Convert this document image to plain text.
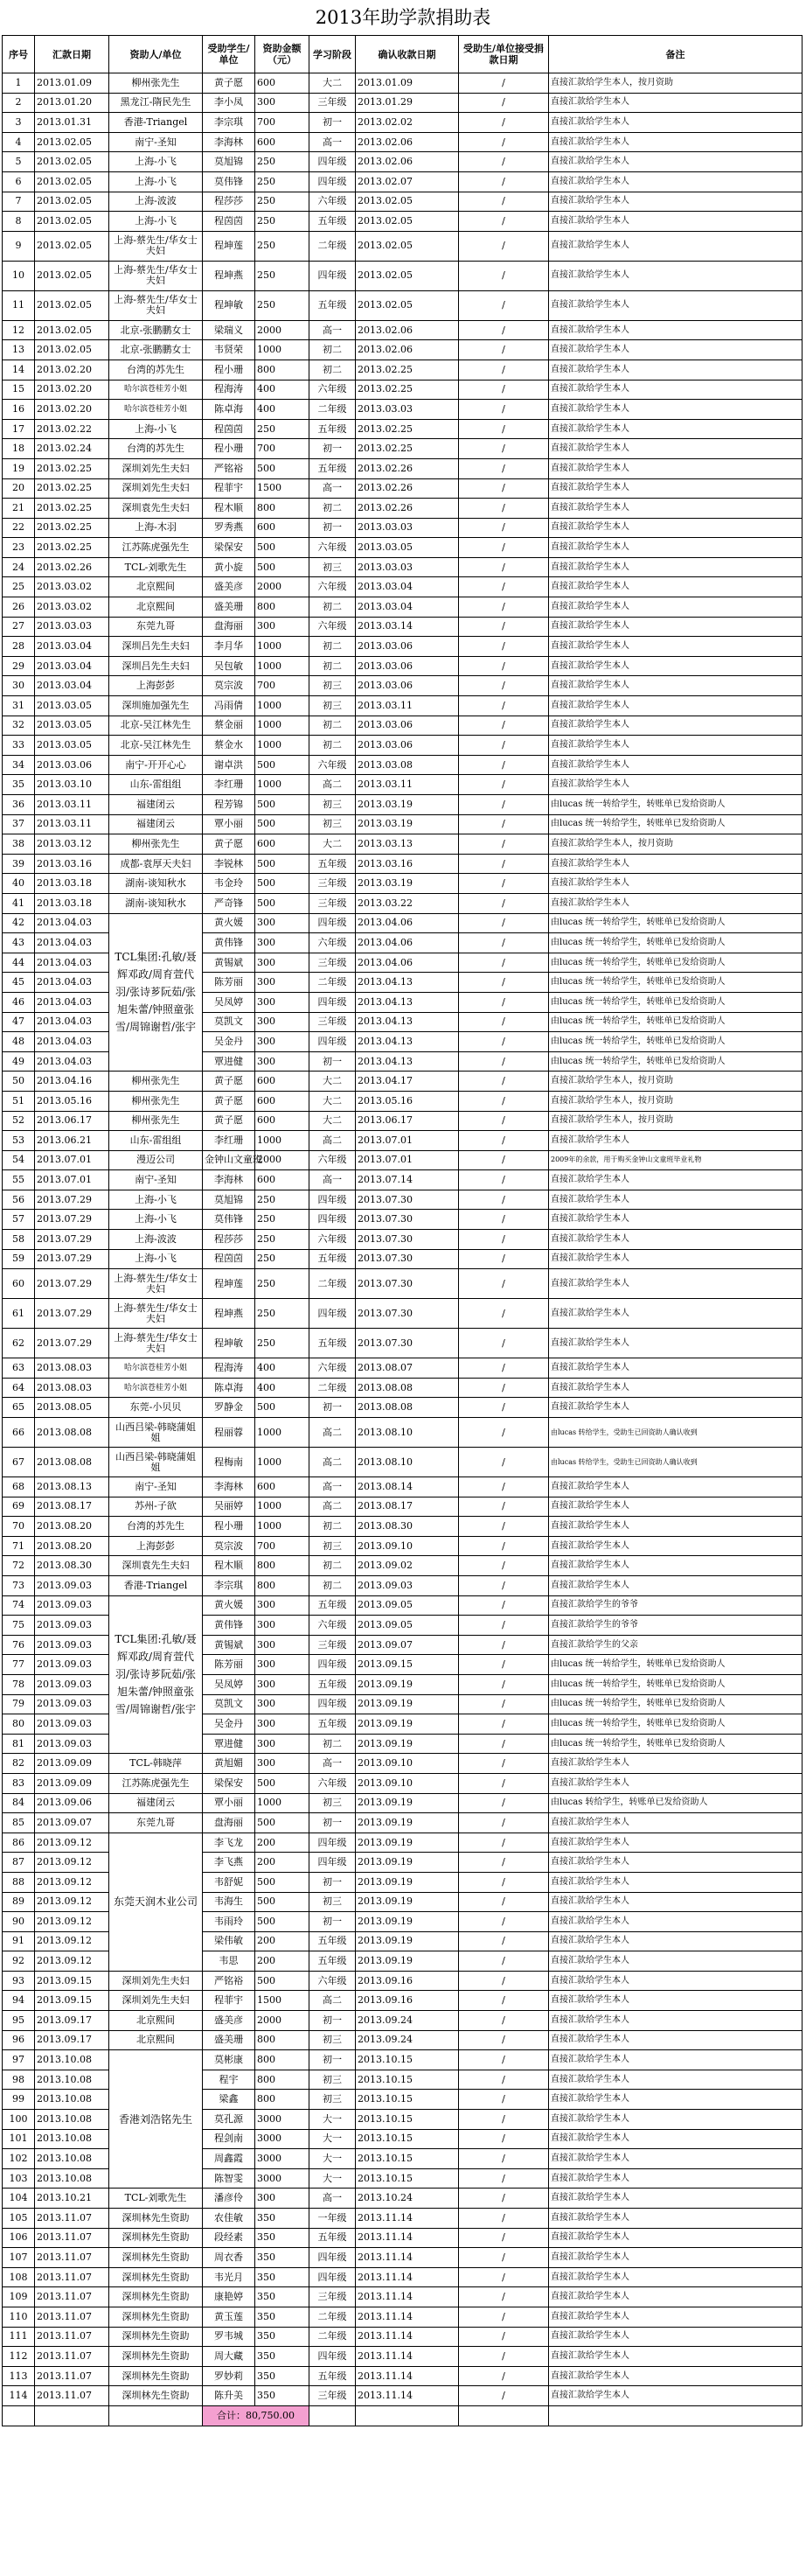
2013年助学款捐助表
序号	汇款日期	资助人/单位	受助学生/单位	资助金额（元）	学习阶段	确认收款日期	受助生/单位接受捐款日期	备注
1	2013.01.09	柳州张先生	黄子愿	600	大二	2013.01.09	/	直接汇款给学生本人，按月资助
2	2013.01.20	黑龙江-隋民先生	李小凤	300	三年级	2013.01.29	/	直接汇款给学生本人
3	2013.01.31	香港-Triangel	李宗琪	700	初一	2013.02.02	/	直接汇款给学生本人
4	2013.02.05	南宁-圣知	李海林	600	高一	2013.02.06	/	直接汇款给学生本人
5	2013.02.05	上海-小飞	莫旭锦	250	四年级	2013.02.06	/	直接汇款给学生本人
6	2013.02.05	上海-小飞	莫伟锋	250	四年级	2013.02.07	/	直接汇款给学生本人
7	2013.02.05	上海-波波	程莎莎	250	六年级	2013.02.05	/	直接汇款给学生本人
8	2013.02.05	上海-小飞	程茵茵	250	五年级	2013.02.05	/	直接汇款给学生本人
9	2013.02.05	上海-蔡先生/华女士夫妇	程坤莲	250	二年级	2013.02.05	/	直接汇款给学生本人
10	2013.02.05	上海-蔡先生/华女士夫妇	程坤燕	250	四年级	2013.02.05	/	直接汇款给学生本人
11	2013.02.05	上海-蔡先生/华女士夫妇	程坤敏	250	五年级	2013.02.05	/	直接汇款给学生本人
12	2013.02.05	北京-张鹏鹏女士	梁瑞义	2000	高一	2013.02.06	/	直接汇款给学生本人
13	2013.02.05	北京-张鹏鹏女士	韦贤荣	1000	初二	2013.02.06	/	直接汇款给学生本人
14	2013.02.20	台湾的苏先生	程小珊	800	初二	2013.02.25	/	直接汇款给学生本人
15	2013.02.20	哈尔滨苍桂芳小姐	程海涛	400	六年级	2013.02.25	/	直接汇款给学生本人
16	2013.02.20	哈尔滨苍桂芳小姐	陈卓海	400	二年级	2013.03.03	/	直接汇款给学生本人
17	2013.02.22	上海-小飞	程茵茵	250	五年级	2013.02.25	/	直接汇款给学生本人
18	2013.02.24	台湾的苏先生	程小珊	700	初一	2013.02.25	/	直接汇款给学生本人
19	2013.02.25	深圳刘先生夫妇	严铭裕	500	五年级	2013.02.26	/	直接汇款给学生本人
20	2013.02.25	深圳刘先生夫妇	程菲宇	1500	高一	2013.02.26	/	直接汇款给学生本人
21	2013.02.25	深圳袁先生夫妇	程木顺	800	初二	2013.02.26	/	直接汇款给学生本人
22	2013.02.25	上海-木羽	罗秀燕	600	初一	2013.03.03	/	直接汇款给学生本人
23	2013.02.25	江苏陈虎强先生	梁保安	500	六年级	2013.03.05	/	直接汇款给学生本人
24	2013.02.26	TCL-刘歌先生	黄小旋	500	初三	2013.03.03	/	直接汇款给学生本人
25	2013.03.02	北京熙间	盛美彦	2000	六年级	2013.03.04	/	直接汇款给学生本人
26	2013.03.02	北京熙间	盛美珊	800	初二	2013.03.04	/	直接汇款给学生本人
27	2013.03.03	东莞九哥	盘海丽	300	六年级	2013.03.14	/	直接汇款给学生本人
28	2013.03.04	深圳吕先生夫妇	李月华	1000	初二	2013.03.06	/	直接汇款给学生本人
29	2013.03.04	深圳吕先生夫妇	吴包敏	1000	初二	2013.03.06	/	直接汇款给学生本人
30	2013.03.04	上海彭彭	莫宗波	700	初三	2013.03.06	/	直接汇款给学生本人
31	2013.03.05	深圳施加强先生	冯雨倩	1000	初三	2013.03.11	/	直接汇款给学生本人
32	2013.03.05	北京-吴江林先生	蔡金丽	1000	初二	2013.03.06	/	直接汇款给学生本人
33	2013.03.05	北京-吴江林先生	蔡金水	1000	初二	2013.03.06	/	直接汇款给学生本人
34	2013.03.06	南宁-开开心心	谢卓洪	500	六年级	2013.03.08	/	直接汇款给学生本人
35	2013.03.10	山东-雷组组	李红珊	1000	高二	2013.03.11	/	直接汇款给学生本人
36	2013.03.11	福建闭云	程芳锦	500	初三	2013.03.19	/	由lucas 统一转给学生，转账单已发给资助人
37	2013.03.11	福建闭云	覃小丽	500	初三	2013.03.19	/	由lucas 统一转给学生，转账单已发给资助人
38	2013.03.12	柳州张先生	黄子愿	600	大二	2013.03.13	/	直接汇款给学生本人，按月资助
39	2013.03.16	成都-袁厚天夫妇	李锐林	500	五年级	2013.03.16	/	直接汇款给学生本人
40	2013.03.18	湖南-谈知秋水	韦金玲	500	三年级	2013.03.19	/	直接汇款给学生本人
41	2013.03.18	湖南-谈知秋水	严奇锋	500	三年级	2013.03.22	/	直接汇款给学生本人
42	2013.04.03	TCL集团:孔敏/聂辉邓政/周育萱代羽/张诗芗阮茹/张 旭朱蕾/钟照童张雪/周锦谢哲/张宇	黄火媛	300	四年级	2013.04.06	/	由lucas 统一转给学生，转账单已发给资助人
43	2013.04.03		黄伟锋	300	六年级	2013.04.06	/	由lucas 统一转给学生，转账单已发给资助人
44	2013.04.03		黄锡斌	300	三年级	2013.04.06	/	由lucas 统一转给学生，转账单已发给资助人
45	2013.04.03		陈芳丽	300	二年级	2013.04.13	/	由lucas 统一转给学生，转账单已发给资助人
46	2013.04.03		吴凤婷	300	四年级	2013.04.13	/	由lucas 统一转给学生，转账单已发给资助人
47	2013.04.03		莫凯文	300	三年级	2013.04.13	/	由lucas 统一转给学生，转账单已发给资助人
48	2013.04.03		吴金丹	300	四年级	2013.04.13	/	由lucas 统一转给学生，转账单已发给资助人
49	2013.04.03		覃进健	300	初一	2013.04.13	/	由lucas 统一转给学生，转账单已发给资助人
50	2013.04.16	柳州张先生	黄子愿	600	大二	2013.04.17	/	直接汇款给学生本人，按月资助
51	2013.05.16	柳州张先生	黄子愿	600	大二	2013.05.16	/	直接汇款给学生本人，按月资助
52	2013.06.17	柳州张先生	黄子愿	600	大二	2013.06.17	/	直接汇款给学生本人，按月资助
53	2013.06.21	山东-雷组组	李红珊	1000	高二	2013.07.01	/	直接汇款给学生本人
54	2013.07.01	漫迈公司	金钟山文童班	2000	六年级	2013.07.01	/	2009年的余款，用于购买金钟山文童班毕业礼物
55	2013.07.01	南宁-圣知	李海林	600	高一	2013.07.14	/	直接汇款给学生本人
56	2013.07.29	上海-小飞	莫旭锦	250	四年级	2013.07.30	/	直接汇款给学生本人
57	2013.07.29	上海-小飞	莫伟锋	250	四年级	2013.07.30	/	直接汇款给学生本人
58	2013.07.29	上海-波波	程莎莎	250	六年级	2013.07.30	/	直接汇款给学生本人
59	2013.07.29	上海-小飞	程茵茵	250	五年级	2013.07.30	/	直接汇款给学生本人
60	2013.07.29	上海-蔡先生/华女士夫妇	程坤莲	250	二年级	2013.07.30	/	直接汇款给学生本人
61	2013.07.29	上海-蔡先生/华女士夫妇	程坤燕	250	四年级	2013.07.30	/	直接汇款给学生本人
62	2013.07.29	上海-蔡先生/华女士夫妇	程坤敏	250	五年级	2013.07.30	/	直接汇款给学生本人
63	2013.08.03	哈尔滨苍桂芳小姐	程海涛	400	六年级	2013.08.07	/	直接汇款给学生本人
64	2013.08.03	哈尔滨苍桂芳小姐	陈卓海	400	二年级	2013.08.08	/	直接汇款给学生本人
65	2013.08.05	东莞-小贝贝	罗静金	500	初一	2013.08.08	/	直接汇款给学生本人
66	2013.08.08	山西吕梁-韩晓蒲姐姐	程丽蓉	1000	高二	2013.08.10	/	由lucas 转给学生，受助生已回资助人确认收到
67	2013.08.08	山西吕梁-韩晓蒲姐姐	程梅南	1000	高二	2013.08.10	/	由lucas 转给学生，受助生已回资助人确认收到
68	2013.08.13	南宁-圣知	李海林	600	高一	2013.08.14	/	直接汇款给学生本人
69	2013.08.17	苏州-子欲	吴丽婷	1000	高二	2013.08.17	/	直接汇款给学生本人
70	2013.08.20	台湾的苏先生	程小珊	1000	初二	2013.08.30	/	直接汇款给学生本人
71	2013.08.20	上海彭彭	莫宗波	700	初三	2013.09.10	/	直接汇款给学生本人
72	2013.08.30	深圳袁先生夫妇	程木顺	800	初二	2013.09.02	/	直接汇款给学生本人
73	2013.09.03	香港-Triangel	李宗琪	800	初二	2013.09.03	/	直接汇款给学生本人
74	2013.09.03	TCL集团:孔敏/聂辉邓政/周育萱代羽/张诗芗阮茹/张 旭朱蕾/钟照童张雪/周锦谢哲/张宇	黄火媛	300	五年级	2013.09.05	/	直接汇款给学生的爷爷
75	2013.09.03		黄伟锋	300	六年级	2013.09.05	/	直接汇款给学生的爷爷
76	2013.09.03		黄锡斌	300	三年级	2013.09.07	/	直接汇款给学生的父亲
77	2013.09.03		陈芳丽	300	四年级	2013.09.15	/	由lucas 统一转给学生，转账单已发给资助人
78	2013.09.03		吴凤婷	300	五年级	2013.09.19	/	由lucas 统一转给学生，转账单已发给资助人
79	2013.09.03		莫凯文	300	四年级	2013.09.19	/	由lucas 统一转给学生，转账单已发给资助人
80	2013.09.03		吴金丹	300	五年级	2013.09.19	/	由lucas 统一转给学生，转账单已发给资助人
81	2013.09.03		覃进健	300	初二	2013.09.19	/	由lucas 统一转给学生，转账单已发给资助人
82	2013.09.09	TCL-韩晓萍	黄旭媚	300	高一	2013.09.10	/	直接汇款给学生本人
83	2013.09.09	江苏陈虎强先生	梁保安	500	六年级	2013.09.10	/	直接汇款给学生本人
84	2013.09.06	福建闭云	覃小丽	1000	初三	2013.09.19	/	由lucas 转给学生，转账单已发给资助人
85	2013.09.07	东莞九哥	盘海丽	500	初一	2013.09.19	/	直接汇款给学生本人
86	2013.09.12	东莞天润木业公司	李飞龙	200	四年级	2013.09.19	/	直接汇款给学生本人
87	2013.09.12		李飞燕	200	四年级	2013.09.19	/	直接汇款给学生本人
88	2013.09.12		韦舒妮	500	初一	2013.09.19	/	直接汇款给学生本人
89	2013.09.12		韦海生	500	初三	2013.09.19	/	直接汇款给学生本人
90	2013.09.12		韦雨玲	500	初一	2013.09.19	/	直接汇款给学生本人
91	2013.09.12		梁伟敏	200	五年级	2013.09.19	/	直接汇款给学生本人
92	2013.09.12		韦思	200	五年级	2013.09.19	/	直接汇款给学生本人
93	2013.09.15	深圳刘先生夫妇	严铭裕	500	六年级	2013.09.16	/	直接汇款给学生本人
94	2013.09.15	深圳刘先生夫妇	程菲宇	1500	高二	2013.09.16	/	直接汇款给学生本人
95	2013.09.17	北京熙间	盛美彦	2000	初一	2013.09.24	/	直接汇款给学生本人
96	2013.09.17	北京熙间	盛美珊	800	初三	2013.09.24	/	直接汇款给学生本人
97	2013.10.08	香港刘浩铭先生	莫彬康	800	初一	2013.10.15	/	直接汇款给学生本人
98	2013.10.08		程宇	800	初三	2013.10.15	/	直接汇款给学生本人
99	2013.10.08		梁鑫	800	初三	2013.10.15	/	直接汇款给学生本人
100	2013.10.08		莫孔源	3000	大一	2013.10.15	/	直接汇款给学生本人
101	2013.10.08		程剑南	3000	大一	2013.10.15	/	直接汇款给学生本人
102	2013.10.08		周鑫霞	3000	大一	2013.10.15	/	直接汇款给学生本人
103	2013.10.08		陈智雯	3000	大一	2013.10.15	/	直接汇款给学生本人
104	2013.10.21	TCL-刘歌先生	潘彦伶	300	高一	2013.10.24	/	直接汇款给学生本人
105	2013.11.07	深圳林先生资助	农佳敏	350	一年级	2013.11.14	/	直接汇款给学生本人
106	2013.11.07	深圳林先生资助	段经素	350	五年级	2013.11.14	/	直接汇款给学生本人
107	2013.11.07	深圳林先生资助	周衣香	350	四年级	2013.11.14	/	直接汇款给学生本人
108	2013.11.07	深圳林先生资助	韦光月	350	四年级	2013.11.14	/	直接汇款给学生本人
109	2013.11.07	深圳林先生资助	康艳婷	350	三年级	2013.11.14	/	直接汇款给学生本人
110	2013.11.07	深圳林先生资助	黄玉莲	350	二年级	2013.11.14	/	直接汇款给学生本人
111	2013.11.07	深圳林先生资助	罗韦城	350	二年级	2013.11.14	/	直接汇款给学生本人
112	2013.11.07	深圳林先生资助	周大藏	350	四年级	2013.11.14	/	直接汇款给学生本人
113	2013.11.07	深圳林先生资助	罗妙莉	350	五年级	2013.11.14	/	直接汇款给学生本人
114	2013.11.07	深圳林先生资助	陈升美	350	三年级	2013.11.14	/	直接汇款给学生本人
			合计：80,750.00					
